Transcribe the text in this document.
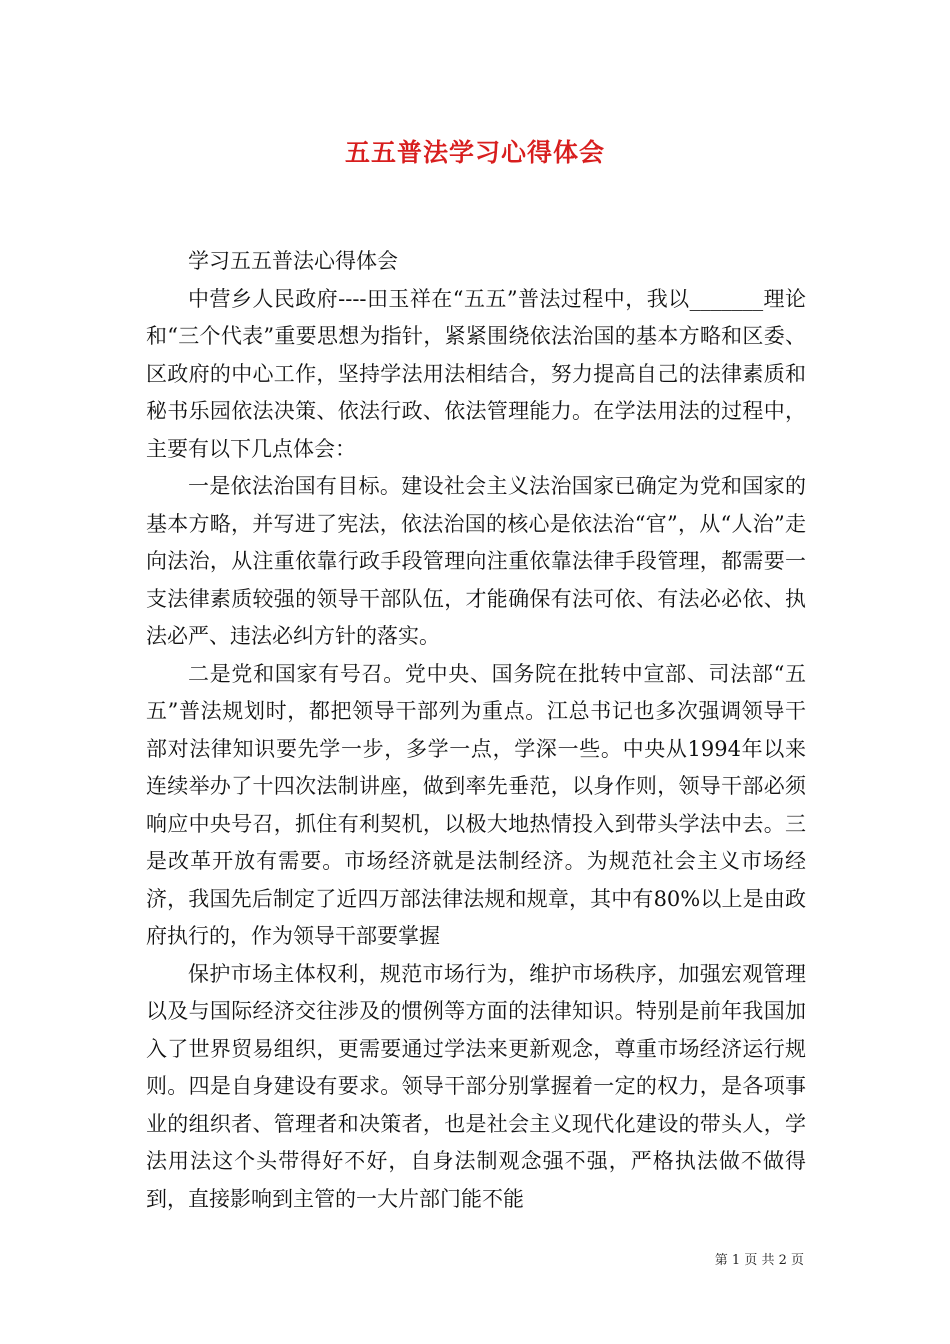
五五普法学习心得体会

学习五五普法心得体会

中营乡人民政府----田玉祥在“五五”普法过程中，我以_______理论和“三个代表”重要思想为指针，紧紧围绕依法治国的基本方略和区委、区政府的中心工作，坚持学法用法相结合，努力提高自己的法律素质和秘书乐园依法决策、依法行政、依法管理能力。在学法用法的过程中，主要有以下几点体会：

一是依法治国有目标。建设社会主义法治国家已确定为党和国家的基本方略，并写进了宪法，依法治国的核心是依法治“官”，从“人治”走向法治，从注重依靠行政手段管理向注重依靠法律手段管理，都需要一支法律素质较强的领导干部队伍，才能确保有法可依、有法必必依、执法必严、违法必纠方针的落实。

二是党和国家有号召。党中央、国务院在批转中宣部、司法部“五五”普法规划时，都把领导干部列为重点。江总书记也多次强调领导干部对法律知识要先学一步，多学一点，学深一些。中央从1994年以来连续举办了十四次法制讲座，做到率先垂范，以身作则，领导干部必须响应中央号召，抓住有利契机，以极大地热情投入到带头学法中去。三是改革开放有需要。市场经济就是法制经济。为规范社会主义市场经济，我国先后制定了近四万部法律法规和规章，其中有80%以上是由政府执行的，作为领导干部要掌握

保护市场主体权利，规范市场行为，维护市场秩序，加强宏观管理以及与国际经济交往涉及的惯例等方面的法律知识。特别是前年我国加入了世界贸易组织，更需要通过学法来更新观念，尊重市场经济运行规则。四是自身建设有要求。领导干部分别掌握着一定的权力，是各项事业的组织者、管理者和决策者，也是社会主义现代化建设的带头人，学法用法这个头带得好不好，自身法制观念强不强，严格执法做不做得到，直接影响到主管的一大片部门能不能

第 1 页 共 2 页
